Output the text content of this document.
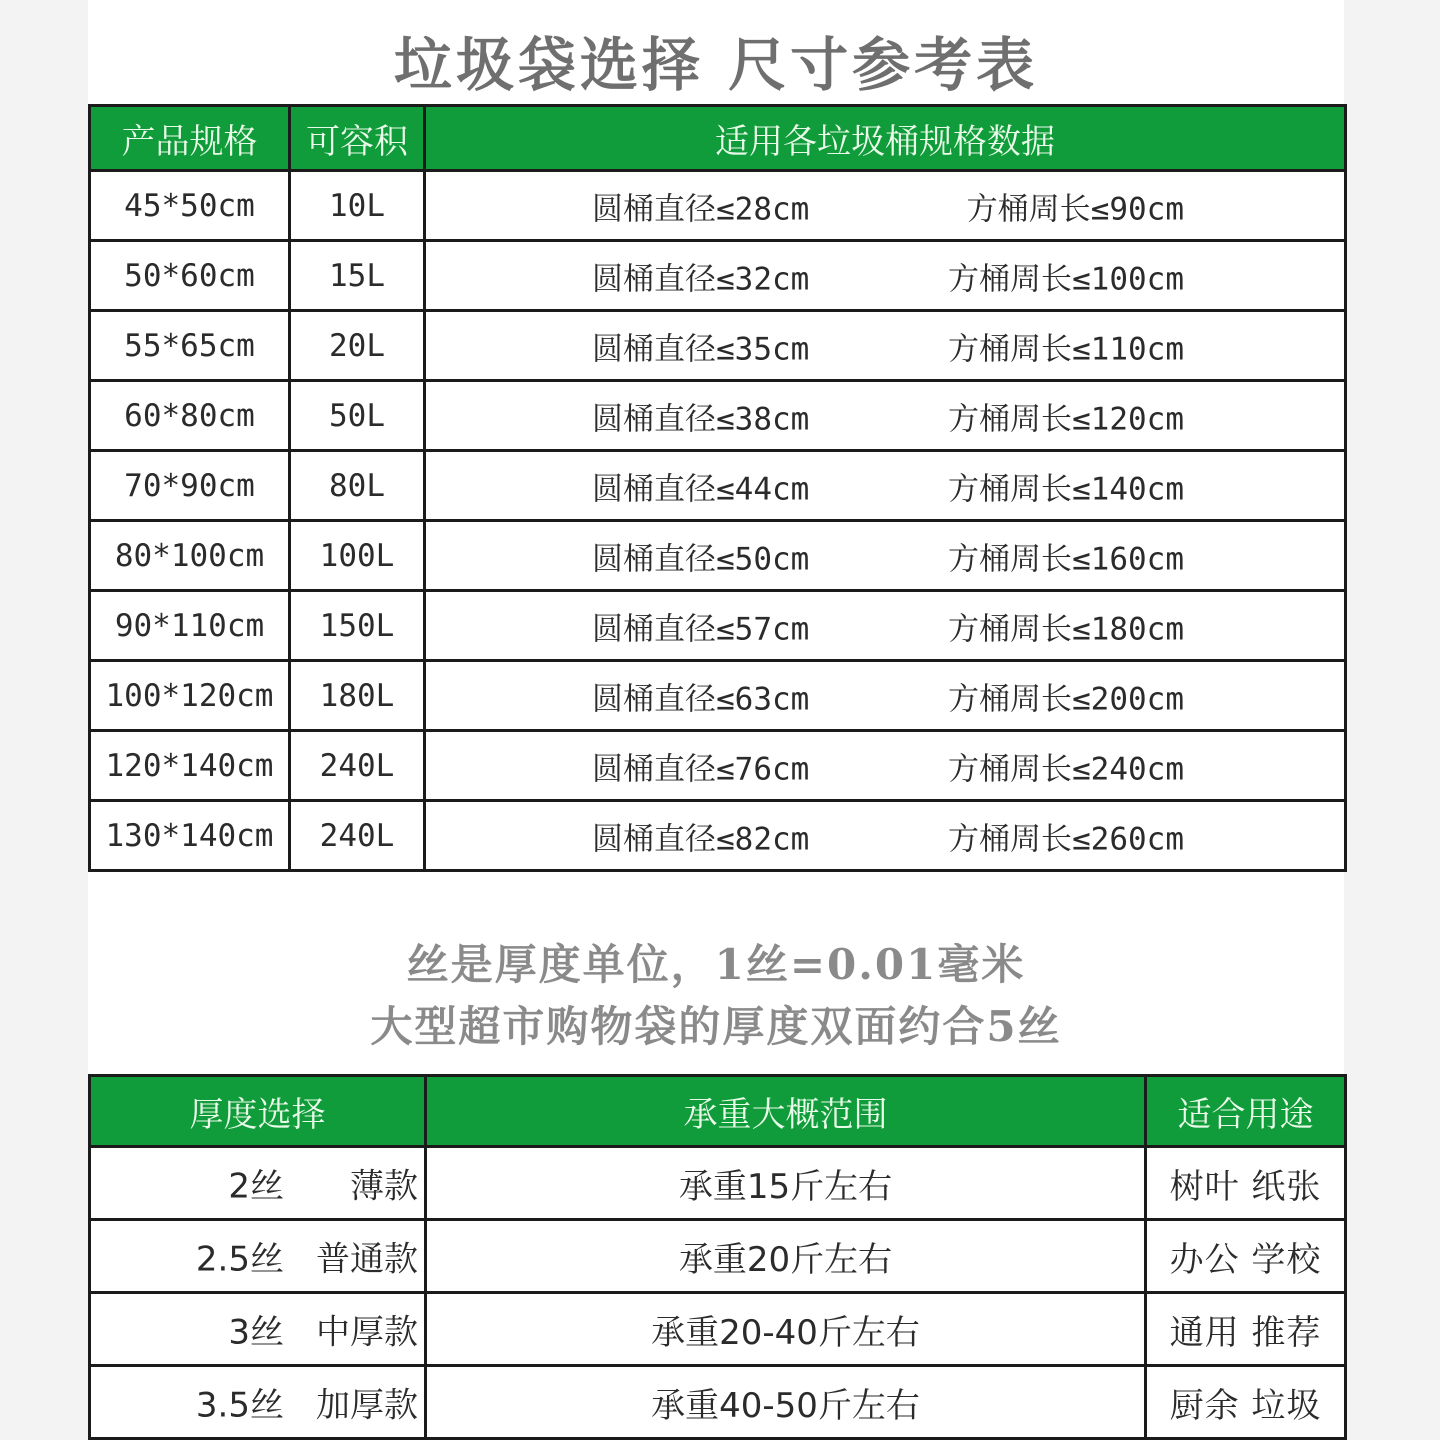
垃圾袋选择 尺寸参考表
产品规格	可容积	适用各垃圾桶规格数据
45*50cm	10L	圆桶直径≤28cm 方桶周长≤90cm

50*60cm	15L	圆桶直径≤32cm 方桶周长≤100cm

55*65cm	20L	圆桶直径≤35cm 方桶周长≤110cm

60*80cm	50L	圆桶直径≤38cm 方桶周长≤120cm

70*90cm	80L	圆桶直径≤44cm 方桶周长≤140cm

80*100cm	100L	圆桶直径≤50cm 方桶周长≤160cm

90*110cm	150L	圆桶直径≤57cm 方桶周长≤180cm

100*120cm	180L	圆桶直径≤63cm 方桶周长≤200cm

120*140cm	240L	圆桶直径≤76cm 方桶周长≤240cm

130*140cm	240L	圆桶直径≤82cm 方桶周长≤260cm
丝是厚度单位，1丝=0.01毫米
大型超市购物袋的厚度双面约合5丝
厚度选择	承重大概范围	适合用途

2丝 薄款	承重15斤左右	树叶 纸张

2.5丝 普通款	承重20斤左右	办公 学校

3丝 中厚款	承重20-40斤左右	通用 推荐

3.5丝 加厚款	承重40-50斤左右	厨余 垃圾
